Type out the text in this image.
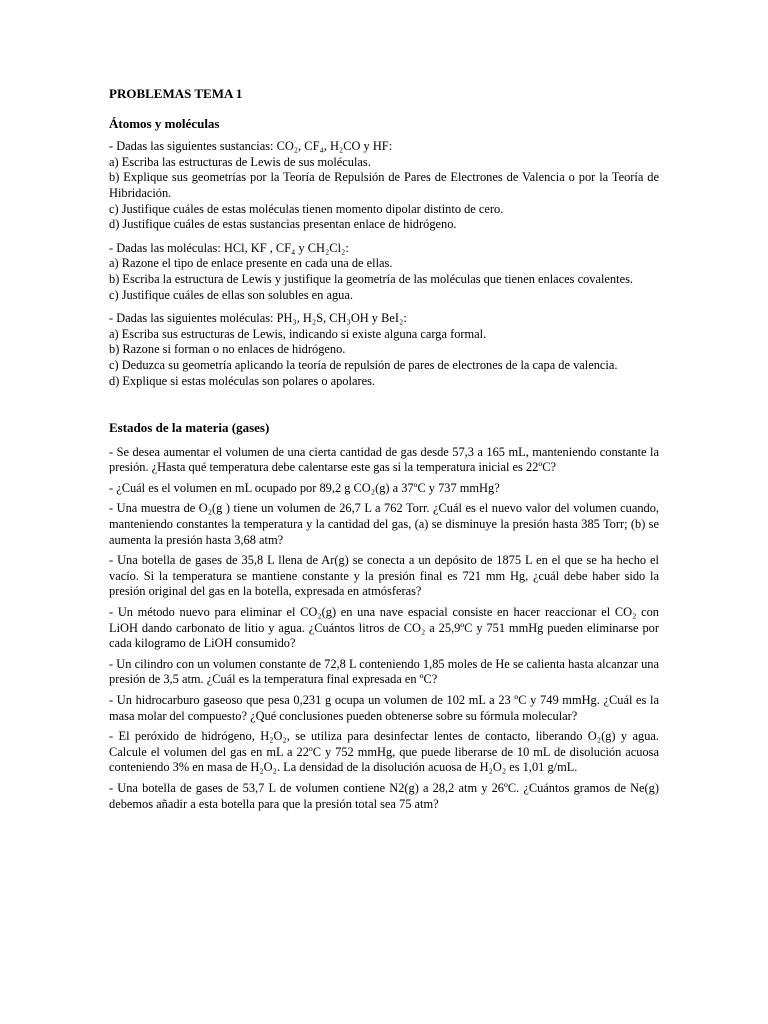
PROBLEMAS TEMA 1
Átomos y moléculas

- Dadas las siguientes sustancias: CO₂, CF₄, H₂CO y HF:

a) Escriba las estructuras de Lewis de sus moléculas.

b) Explique sus geometrías por la Teoría de Repulsión de Pares de Electrones de Valencia o por la Teoría de Hibridación.

c) Justifique cuáles de estas moléculas tienen momento dipolar distinto de cero.

d) Justifique cuáles de estas sustancias presentan enlace de hidrógeno.

- Dadas las moléculas: HCl, KF , CF₄ y CH₂Cl₂:

a) Razone el tipo de enlace presente en cada una de ellas.

b) Escriba la estructura de Lewis y justifique la geometría de las moléculas que tienen enlaces covalentes.

c) Justifique cuáles de ellas son solubles en agua.

- Dadas las siguientes moléculas: PH₃, H₂S, CH₃OH y BeI₂:

a) Escriba sus estructuras de Lewis, indicando si existe alguna carga formal.

b) Razone si forman o no enlaces de hidrógeno.

c) Deduzca su geometría aplicando la teoría de repulsión de pares de electrones de la capa de valencia.

d) Explique si estas moléculas son polares o apolares.

Estados de la materia (gases)

- Se desea aumentar el volumen de una cierta cantidad de gas desde 57,3 a 165 mL, manteniendo constante la presión. ¿Hasta qué temperatura debe calentarse este gas si la temperatura inicial es 22ºC?

- ¿Cuál es el volumen en mL ocupado por 89,2 g CO₂(g) a 37ºC y 737 mmHg?

- Una muestra de O₂(g ) tiene un volumen de 26,7 L a 762 Torr. ¿Cuál es el nuevo valor del volumen cuando, manteniendo constantes la temperatura y la cantidad del gas, (a) se disminuye la presión hasta 385 Torr; (b) se aumenta la presión hasta 3,68 atm?

- Una botella de gases de 35,8 L llena de Ar(g) se conecta a un depósito de 1875 L en el que se ha hecho el vacío. Si la temperatura se mantiene constante y la presión final es 721 mm Hg, ¿cuál debe haber sido la presión original del gas en la botella, expresada en atmósferas?

- Un método nuevo para eliminar el CO₂(g) en una nave espacial consiste en hacer reaccionar el CO₂ con LiOH dando carbonato de litio y agua. ¿Cuántos litros de CO₂ a 25,9ºC y 751 mmHg pueden eliminarse por cada kilogramo de LiOH consumido?

- Un cilindro con un volumen constante de 72,8 L conteniendo 1,85 moles de He se calienta hasta alcanzar una presión de 3,5 atm. ¿Cuál es la temperatura final expresada en ºC?

- Un hidrocarburo gaseoso que pesa 0,231 g ocupa un volumen de 102 mL a 23 ºC y 749 mmHg. ¿Cuál es la masa molar del compuesto? ¿Qué conclusiones pueden obtenerse sobre su fórmula molecular?

- El peróxido de hidrógeno, H₂O₂, se utiliza para desinfectar lentes de contacto, liberando O₂(g) y agua. Calcule el volumen del gas en mL a 22ºC y 752 mmHg, que puede liberarse de 10 mL de disolución acuosa conteniendo 3% en masa de H₂O₂. La densidad de la disolución acuosa de H₂O₂ es 1,01 g/mL.

- Una botella de gases de 53,7 L de volumen contiene N2(g) a 28,2 atm y 26ºC. ¿Cuántos gramos de Ne(g) debemos añadir a esta botella para que la presión total sea 75 atm?
